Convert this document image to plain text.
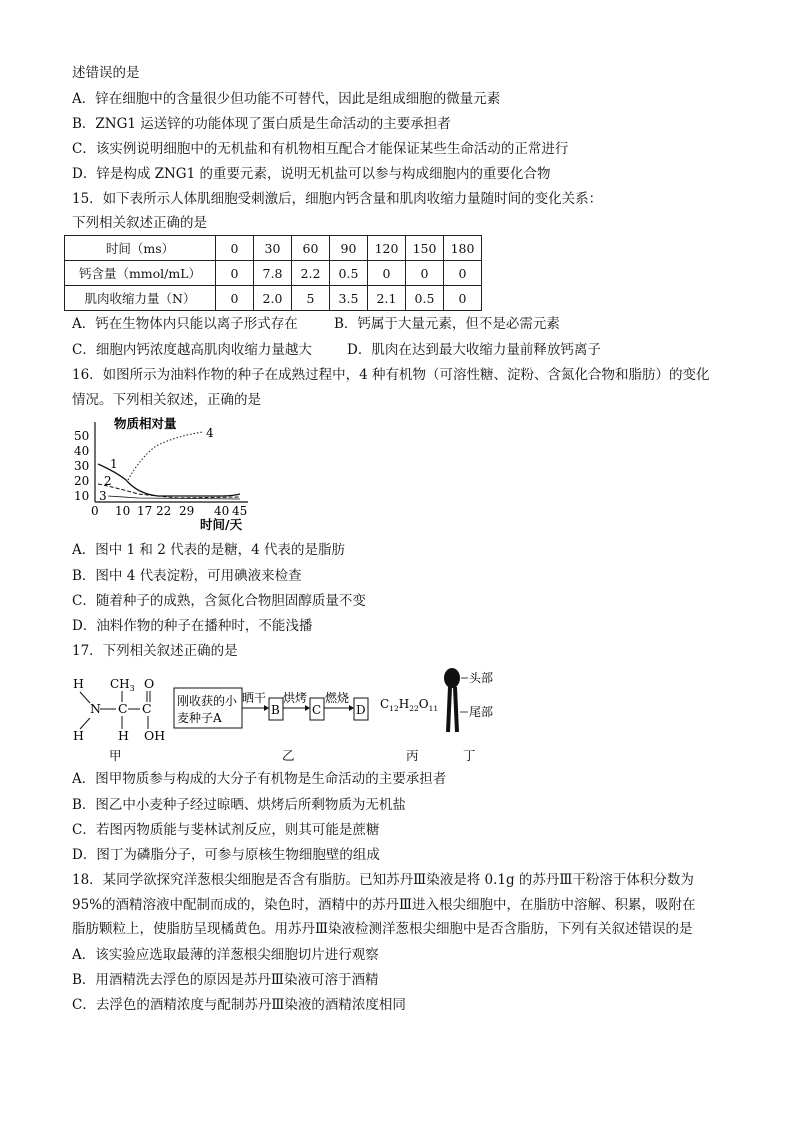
述错误的是
A．锌在细胞中的含量很少但功能不可替代，因此是组成细胞的微量元素
B．ZNG1 运送锌的功能体现了蛋白质是生命活动的主要承担者
C．该实例说明细胞中的无机盐和有机物相互配合才能保证某些生命活动的正常进行
D．锌是构成 ZNG1 的重要元素，说明无机盐可以参与构成细胞内的重要化合物
15．如下表所示人体肌细胞受刺激后，细胞内钙含量和肌肉收缩力量随时间的变化关系：
下列相关叙述正确的是
时间（ms）	0	30	60	90	120	150	180
钙含量（mmol/mL）	0	7.8	2.2	0.5	0	0	0
肌肉收缩力量（N）	0	2.0	5	3.5	2.1	0.5	0
A．钙在生物体内只能以离子形式存在	B．钙属于大量元素，但不是必需元素
C．细胞内钙浓度越高肌肉收缩力量越大	D．肌肉在达到最大收缩力量前释放钙离子
16．如图所示为油料作物的种子在成熟过程中，4 种有机物（可溶性糖、淀粉、含氮化合物和脂肪）的变化
情况。下列相关叙述，正确的是
物质相对量
50
40
30
20
10
0 10 17 22 29 40 45
时间/天
1
2
3
4
A．图中 1 和 2 代表的是糖，4 代表的是脂肪
B．图中 4 代表淀粉，可用碘液来检查
C．随着种子的成熟，含氮化合物胆固醇质量不变
D．油料作物的种子在播种时，不能浅播
17．下列相关叙述正确的是
H
N
H
$CH_3$
C
H
C
O
OH
甲
刚收获的小
麦种子A
晒干
B
烘烤
C
燃烧
D
乙
$C_{12}H_{22}O_{11}$
丙
头部
尾部
丁
A．图甲物质参与构成的大分子有机物是生命活动的主要承担者
B．图乙中小麦种子经过晾晒、烘烤后所剩物质为无机盐
C．若图丙物质能与斐林试剂反应，则其可能是蔗糖
D．图丁为磷脂分子，可参与原核生物细胞壁的组成
18．某同学欲探究洋葱根尖细胞是否含有脂肪。已知苏丹Ⅲ染液是将 0.1g 的苏丹Ⅲ干粉溶于体积分数为
95%的酒精溶液中配制而成的，染色时，酒精中的苏丹Ⅲ进入根尖细胞中，在脂肪中溶解、积累，吸附在
脂肪颗粒上，使脂肪呈现橘黄色。用苏丹Ⅲ染液检测洋葱根尖细胞中是否含脂肪，下列有关叙述错误的是
A．该实验应选取最薄的洋葱根尖细胞切片进行观察
B．用酒精洗去浮色的原因是苏丹Ⅲ染液可溶于酒精
C．去浮色的酒精浓度与配制苏丹Ⅲ染液的酒精浓度相同
